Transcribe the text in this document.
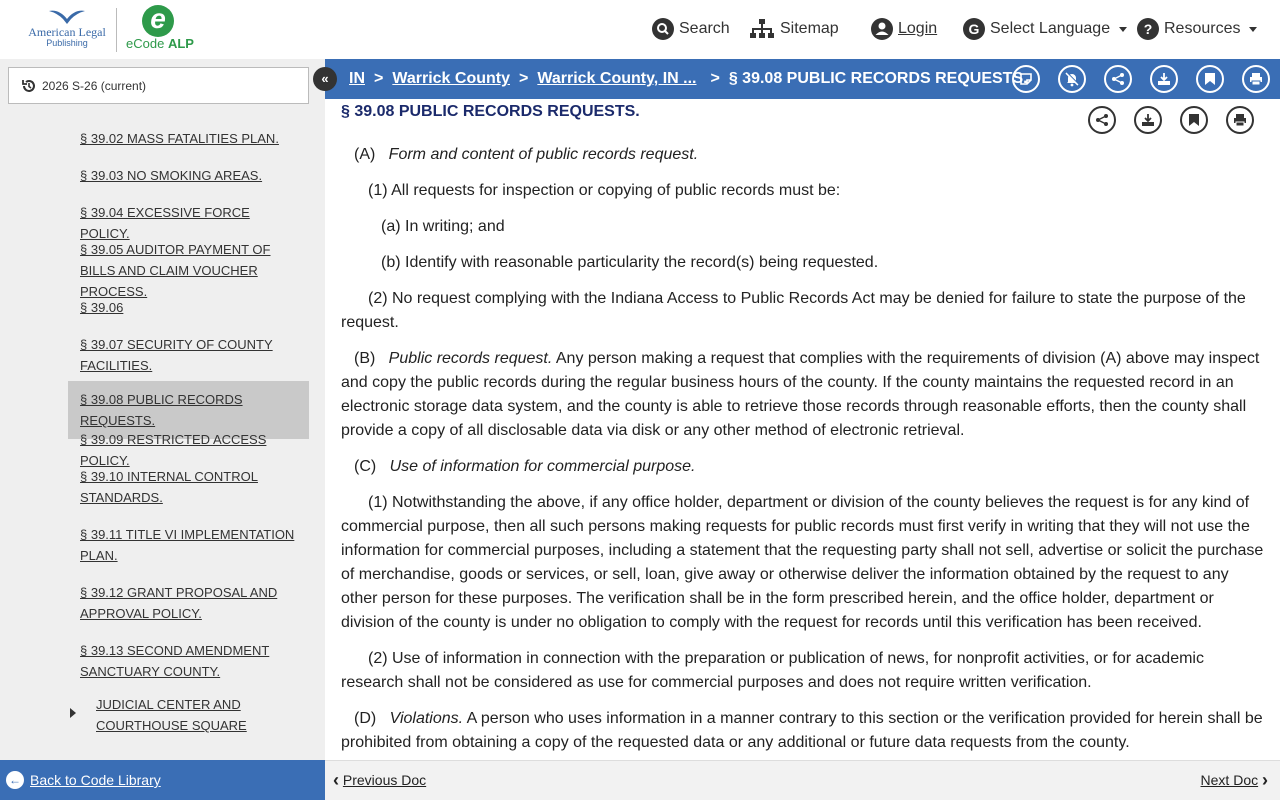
American Legal
Publishing
e
eCode ALP
Search	Sitemap	Login G Select Language ? Resources
2026 S-26 (current)
§ 39.02 MASS FATALITIES PLAN.
§ 39.03 NO SMOKING AREAS.
§ 39.04 EXCESSIVE FORCE POLICY.
§ 39.05 AUDITOR PAYMENT OF BILLS AND CLAIM VOUCHER PROCESS.
§ 39.06
§ 39.07 SECURITY OF COUNTY FACILITIES.
§ 39.08 PUBLIC RECORDS REQUESTS.
§ 39.09 RESTRICTED ACCESS POLICY.
§ 39.10 INTERNAL CONTROL STANDARDS.
§ 39.11 TITLE VI IMPLEMENTATION PLAN.
§ 39.12 GRANT PROPOSAL AND APPROVAL POLICY.
§ 39.13 SECOND AMENDMENT SANCTUARY COUNTY.
JUDICIAL CENTER AND COURTHOUSE SQUARE
«
← Back to Code Library
IN > Warrick County > Warrick County, IN ... > § 39.08 PUBLIC RECORDS REQUESTS.
§ 39.08 PUBLIC RECORDS REQUESTS.
(A) Form and content of public records request.
(1) All requests for inspection or copying of public records must be:
(a) In writing; and
(b) Identify with reasonable particularity the record(s) being requested.
(2) No request complying with the Indiana Access to Public Records Act may be denied for failure to state the purpose of the request.
(B) Public records request. Any person making a request that complies with the requirements of division (A) above may inspect and copy the public records during the regular business hours of the county. If the county maintains the requested record in an electronic storage data system, and the county is able to retrieve those records through reasonable efforts, then the county shall provide a copy of all disclosable data via disk or any other method of electronic retrieval.
(C) Use of information for commercial purpose.
(1) Notwithstanding the above, if any office holder, department or division of the county believes the request is for any kind of commercial purpose, then all such persons making requests for public records must first verify in writing that they will not use the information for commercial purposes, including a statement that the requesting party shall not sell, advertise or solicit the purchase of merchandise, goods or services, or sell, loan, give away or otherwise deliver the information obtained by the request to any other person for these purposes. The verification shall be in the form prescribed herein, and the office holder, department or division of the county is under no obligation to comply with the request for records until this verification has been received.
(2) Use of information in connection with the preparation or publication of news, for nonprofit activities, or for academic research shall not be considered as use for commercial purposes and does not require written verification.
(D) Violations. A person who uses information in a manner contrary to this section or the verification provided for herein shall be prohibited from obtaining a copy of the requested data or any additional or future data requests from the county.
‹
Previous Doc	Next Doc
›
